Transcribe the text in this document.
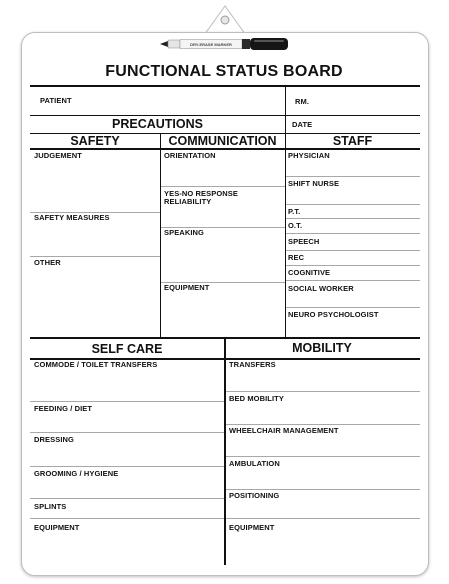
DRY-ERASE MARKER
FUNCTIONAL STATUS BOARD
PATIENT	RM.
DATE
PRECAUTIONS
SAFETY	COMMUNICATION	STAFF
SELF CARE	MOBILITY
JUDGEMENT
SAFETY MEASURES
OTHER
ORIENTATION
YES-NO RESPONSE
RELIABILITY
SPEAKING
EQUIPMENT
PHYSICIAN
SHIFT NURSE
P.T.
O.T.
SPEECH
REC
COGNITIVE
SOCIAL WORKER
NEURO PSYCHOLOGIST
COMMODE / TOILET TRANSFERS
FEEDING / DIET
DRESSING
GROOMING / HYGIENE
SPLINTS
EQUIPMENT
TRANSFERS
BED MOBILITY
WHEELCHAIR MANAGEMENT
AMBULATION
POSITIONING
EQUIPMENT
